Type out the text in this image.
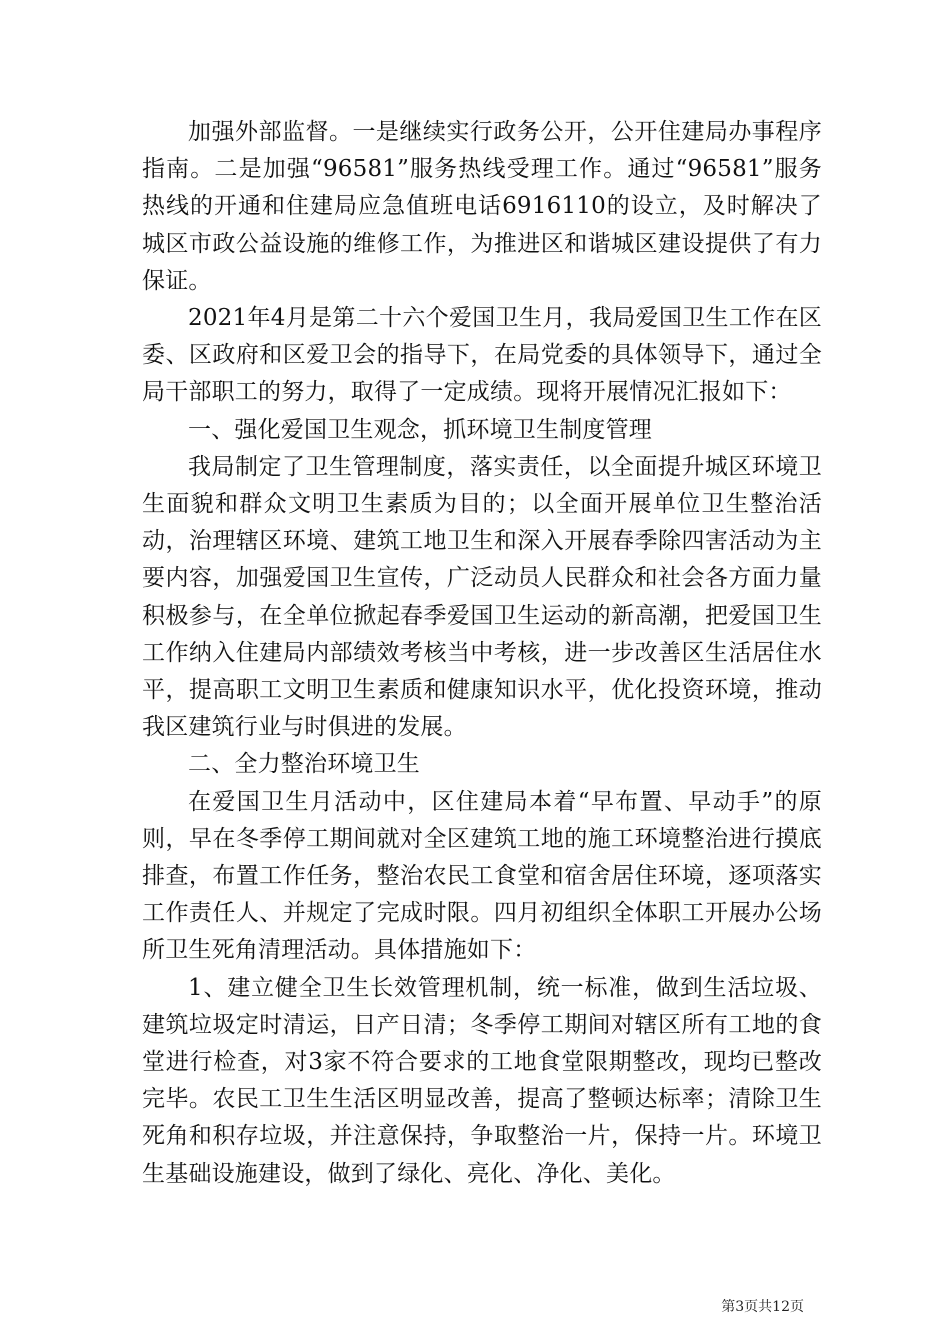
加强外部监督。一是继续实行政务公开，公开住建局办事程序指南。二是加强“96581”服务热线受理工作。通过“96581”服务热线的开通和住建局应急值班电话6916110的设立，及时解决了城区市政公益设施的维修工作，为推进区和谐城区建设提供了有力保证。

2021年4月是第二十六个爱国卫生月，我局爱国卫生工作在区委、区政府和区爱卫会的指导下，在局党委的具体领导下，通过全局干部职工的努力，取得了一定成绩。现将开展情况汇报如下：

一、强化爱国卫生观念，抓环境卫生制度管理

我局制定了卫生管理制度，落实责任，以全面提升城区环境卫生面貌和群众文明卫生素质为目的；以全面开展单位卫生整治活动，治理辖区环境、建筑工地卫生和深入开展春季除四害活动为主要内容，加强爱国卫生宣传，广泛动员人民群众和社会各方面力量积极参与，在全单位掀起春季爱国卫生运动的新高潮，把爱国卫生工作纳入住建局内部绩效考核当中考核，进一步改善区生活居住水平，提高职工文明卫生素质和健康知识水平，优化投资环境，推动我区建筑行业与时俱进的发展。

二、全力整治环境卫生

在爱国卫生月活动中，区住建局本着“早布置、早动手”的原则，早在冬季停工期间就对全区建筑工地的施工环境整治进行摸底排查，布置工作任务，整治农民工食堂和宿舍居住环境，逐项落实工作责任人、并规定了完成时限。四月初组织全体职工开展办公场所卫生死角清理活动。具体措施如下：

1、建立健全卫生长效管理机制，统一标准，做到生活垃圾、建筑垃圾定时清运，日产日清；冬季停工期间对辖区所有工地的食堂进行检查，对3家不符合要求的工地食堂限期整改，现均已整改完毕。农民工卫生生活区明显改善，提高了整顿达标率；清除卫生死角和积存垃圾，并注意保持，争取整治一片，保持一片。环境卫生基础设施建设，做到了绿化、亮化、净化、美化。

第3页共12页
